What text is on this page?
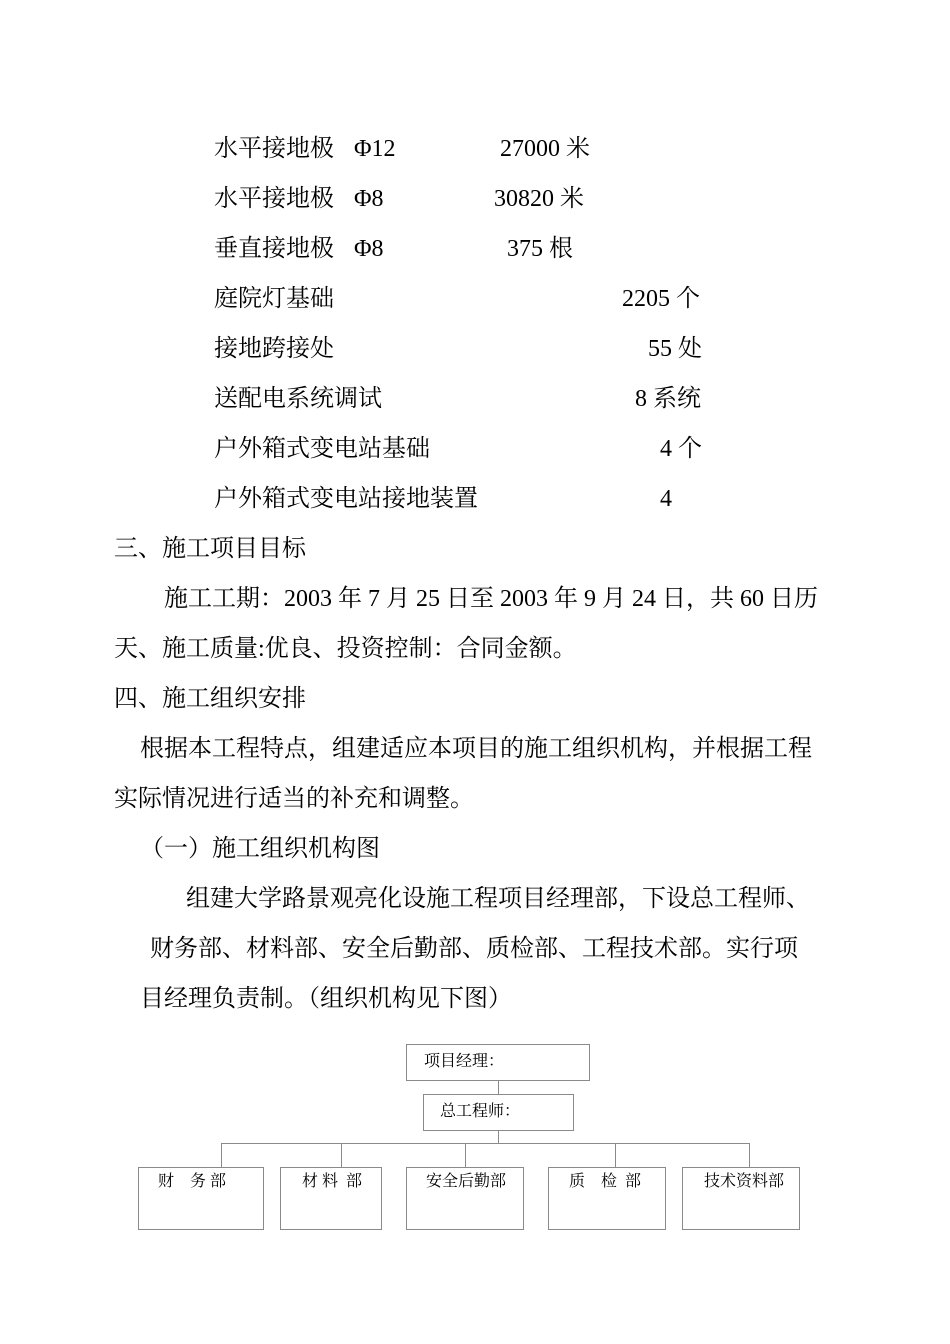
水平接地极 Φ12	27000 米
水平接地极 Φ8	30820 米
垂直接地极 Φ8	375 根
庭院灯基础	2205 个
接地跨接处	55 处
送配电系统调试	8 系统
户外箱式变电站基础	4 个
户外箱式变电站接地装置	4
三、施工项目目标
施工工期：2003 年 7 月 25 日至 2003 年 9 月 24 日，共 60 日历
天、施工质量:优良、投资控制：合同金额。
四、施工组织安排
根据本工程特点，组建适应本项目的施工组织机构，并根据工程
实际情况进行适当的补充和调整。
（一）施工组织机构图
组建大学路景观亮化设施工程项目经理部，下设总工程师、
财务部、材料部、安全后勤部、质检部、工程技术部。实行项
目经理负责制。（组织机构见下图）
项目经理：
总工程师：
财　务 部	材 料  部	安全后勤部	质　检  部	技术资料部
